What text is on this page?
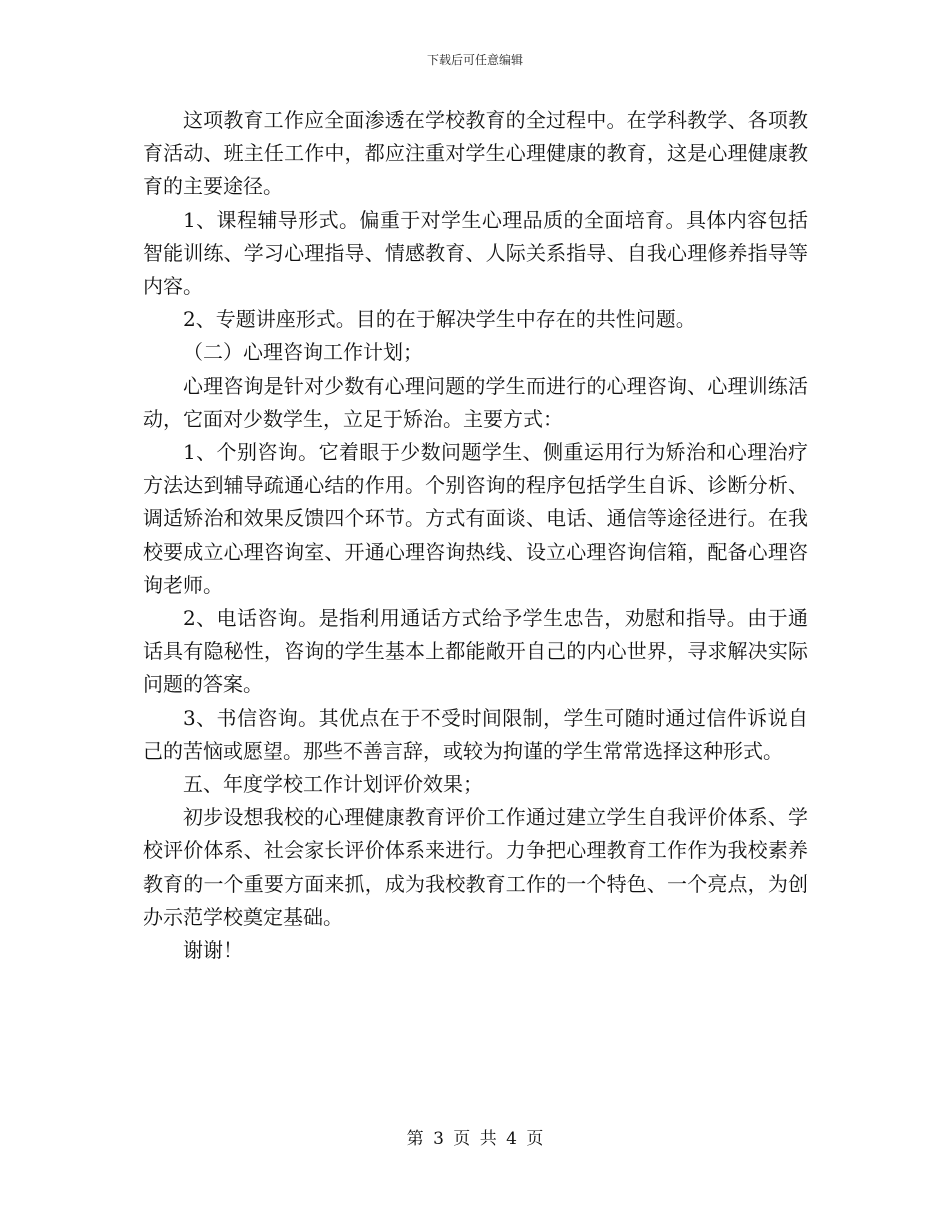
下载后可任意编辑

这项教育工作应全面渗透在学校教育的全过程中。在学科教学、各项教育活动、班主任工作中，都应注重对学生心理健康的教育，这是心理健康教育的主要途径。

1、课程辅导形式。偏重于对学生心理品质的全面培育。具体内容包括智能训练、学习心理指导、情感教育、人际关系指导、自我心理修养指导等内容。

2、专题讲座形式。目的在于解决学生中存在的共性问题。

（二）心理咨询工作计划；

心理咨询是针对少数有心理问题的学生而进行的心理咨询、心理训练活动，它面对少数学生，立足于矫治。主要方式：

1、个别咨询。它着眼于少数问题学生、侧重运用行为矫治和心理治疗方法达到辅导疏通心结的作用。个别咨询的程序包括学生自诉、诊断分析、调适矫治和效果反馈四个环节。方式有面谈、电话、通信等途径进行。在我校要成立心理咨询室、开通心理咨询热线、设立心理咨询信箱，配备心理咨询老师。

2、电话咨询。是指利用通话方式给予学生忠告，劝慰和指导。由于通话具有隐秘性，咨询的学生基本上都能敞开自己的内心世界，寻求解决实际问题的答案。

3、书信咨询。其优点在于不受时间限制，学生可随时通过信件诉说自己的苦恼或愿望。那些不善言辞，或较为拘谨的学生常常选择这种形式。

五、年度学校工作计划评价效果；

初步设想我校的心理健康教育评价工作通过建立学生自我评价体系、学校评价体系、社会家长评价体系来进行。力争把心理教育工作作为我校素养教育的一个重要方面来抓，成为我校教育工作的一个特色、一个亮点，为创办示范学校奠定基础。

谢谢！

第 3 页 共 4 页
